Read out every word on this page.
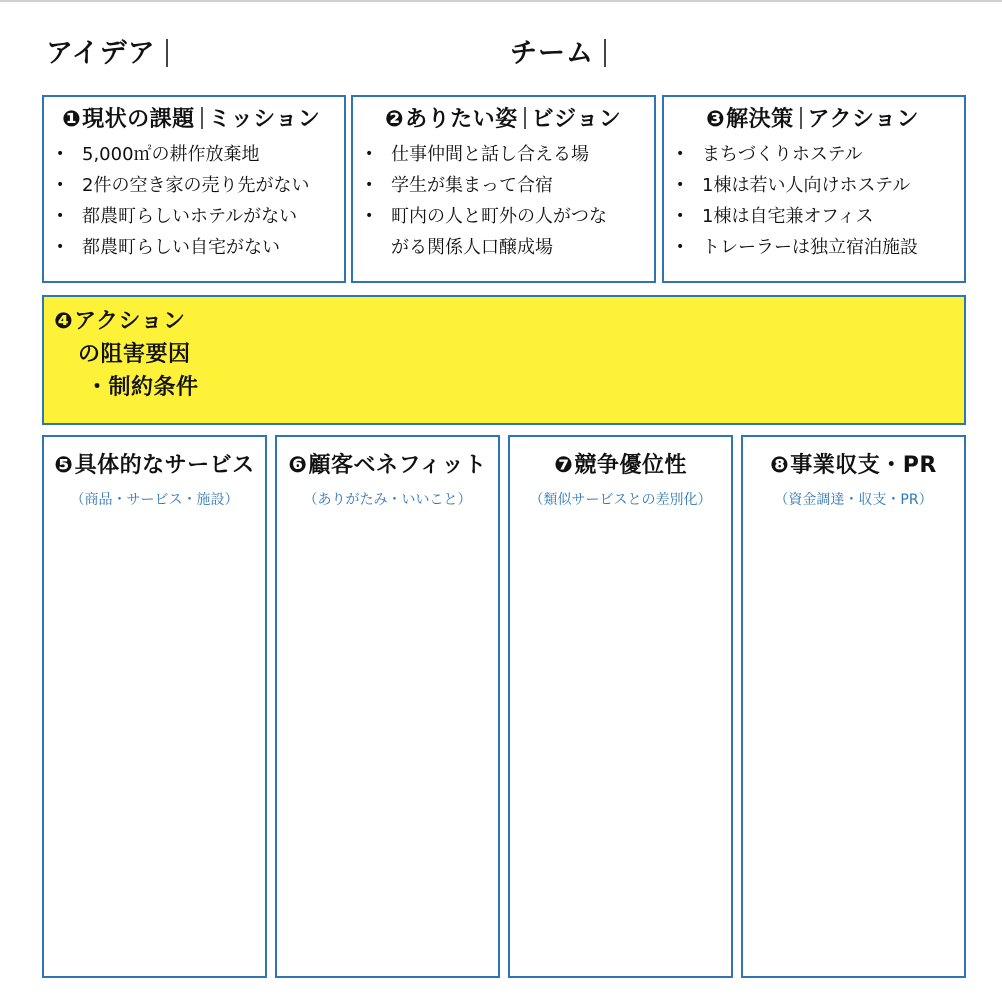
アイデア	チーム
❶現状の課題 ミッション
• 5,000㎡の耕作放棄地
• 2件の空き家の売り先がない
• 都農町らしいホテルがない
• 都農町らしい自宅がない
❷ありたい姿 ビジョン
• 仕事仲間と話し合える場
• 学生が集まって合宿
• 町内の人と町外の人がつな
がる関係人口醸成場
❸解決策 アクション
• まちづくりホステル
• 1棟は若い人向けホステル
• 1棟は自宅兼オフィス
• トレーラーは独立宿泊施設
❹アクション
の阻害要因
・制約条件
❺具体的なサービス
（商品・サービス・施設）
❻顧客ベネフィット
（ありがたみ・いいこと）
❼競争優位性
（類似サービスとの差別化）
❽事業収支・PR
（資金調達・収支・PR）
